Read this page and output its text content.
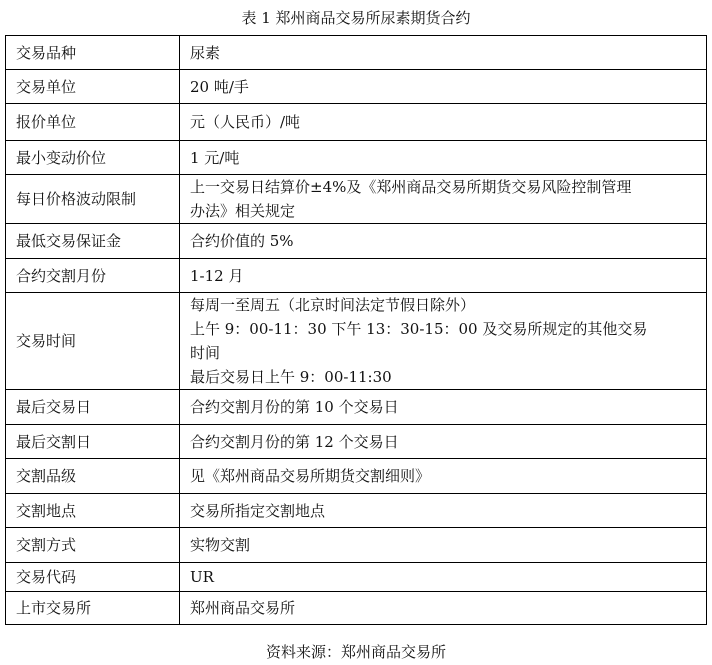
表 1 郑州商品交易所尿素期货合约
交易品种	尿素

交易单位	20 吨/手

报价单位	元（人民币）/吨

最小变动价位	1 元/吨

每日价格波动限制	上一交易日结算价±4%及《郑州商品交易所期货交易风险控制管理
办法》相关规定

最低交易保证金	合约价值的 5%

合约交割月份	1-12 月

交易时间	每周一至周五（北京时间法定节假日除外）
上午 9：00-11：30 下午 13：30-15：00 及交易所规定的其他交易
时间
最后交易日上午 9：00-11:30

最后交易日	合约交割月份的第 10 个交易日

最后交割日	合约交割月份的第 12 个交易日

交割品级	见《郑州商品交易所期货交割细则》

交割地点	交易所指定交割地点

交割方式	实物交割

交易代码	UR

上市交易所	郑州商品交易所
资料来源：郑州商品交易所
